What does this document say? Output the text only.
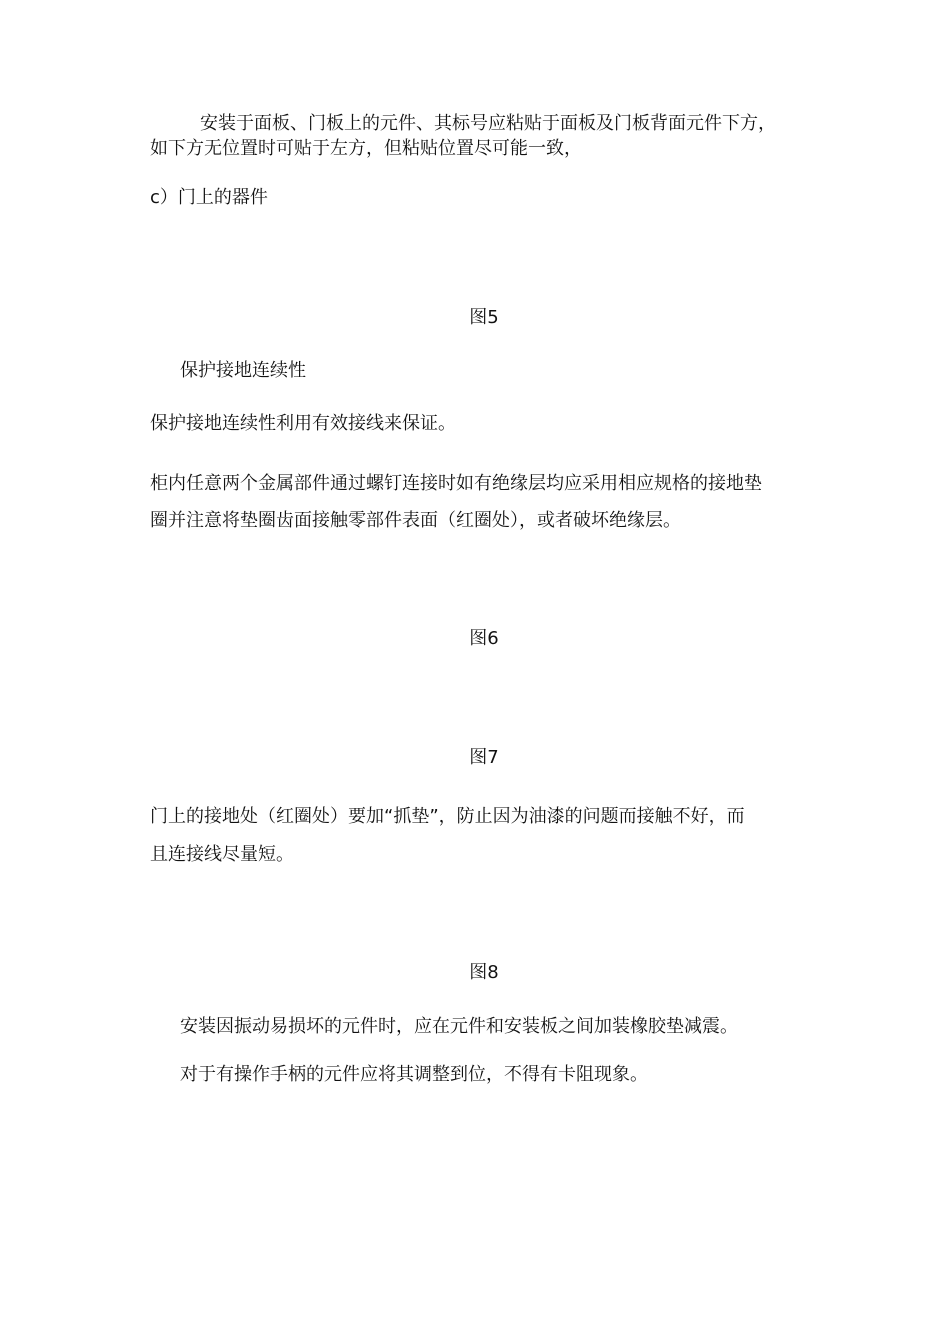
安装于面板、门板上的元件、其标号应粘贴于面板及门板背面元件下方，
如下方无位置时可贴于左方，但粘贴位置尽可能一致，
c）门上的器件
图5
保护接地连续性
保护接地连续性利用有效接线来保证。
柜内任意两个金属部件通过螺钉连接时如有绝缘层均应采用相应规格的接地垫
圈并注意将垫圈齿面接触零部件表面（红圈处），或者破坏绝缘层。
图6
图7
门上的接地处（红圈处）要加“抓垫”，防止因为油漆的问题而接触不好，而
且连接线尽量短。
图8
安装因振动易损坏的元件时，应在元件和安装板之间加装橡胶垫减震。
对于有操作手柄的元件应将其调整到位，不得有卡阻现象。
